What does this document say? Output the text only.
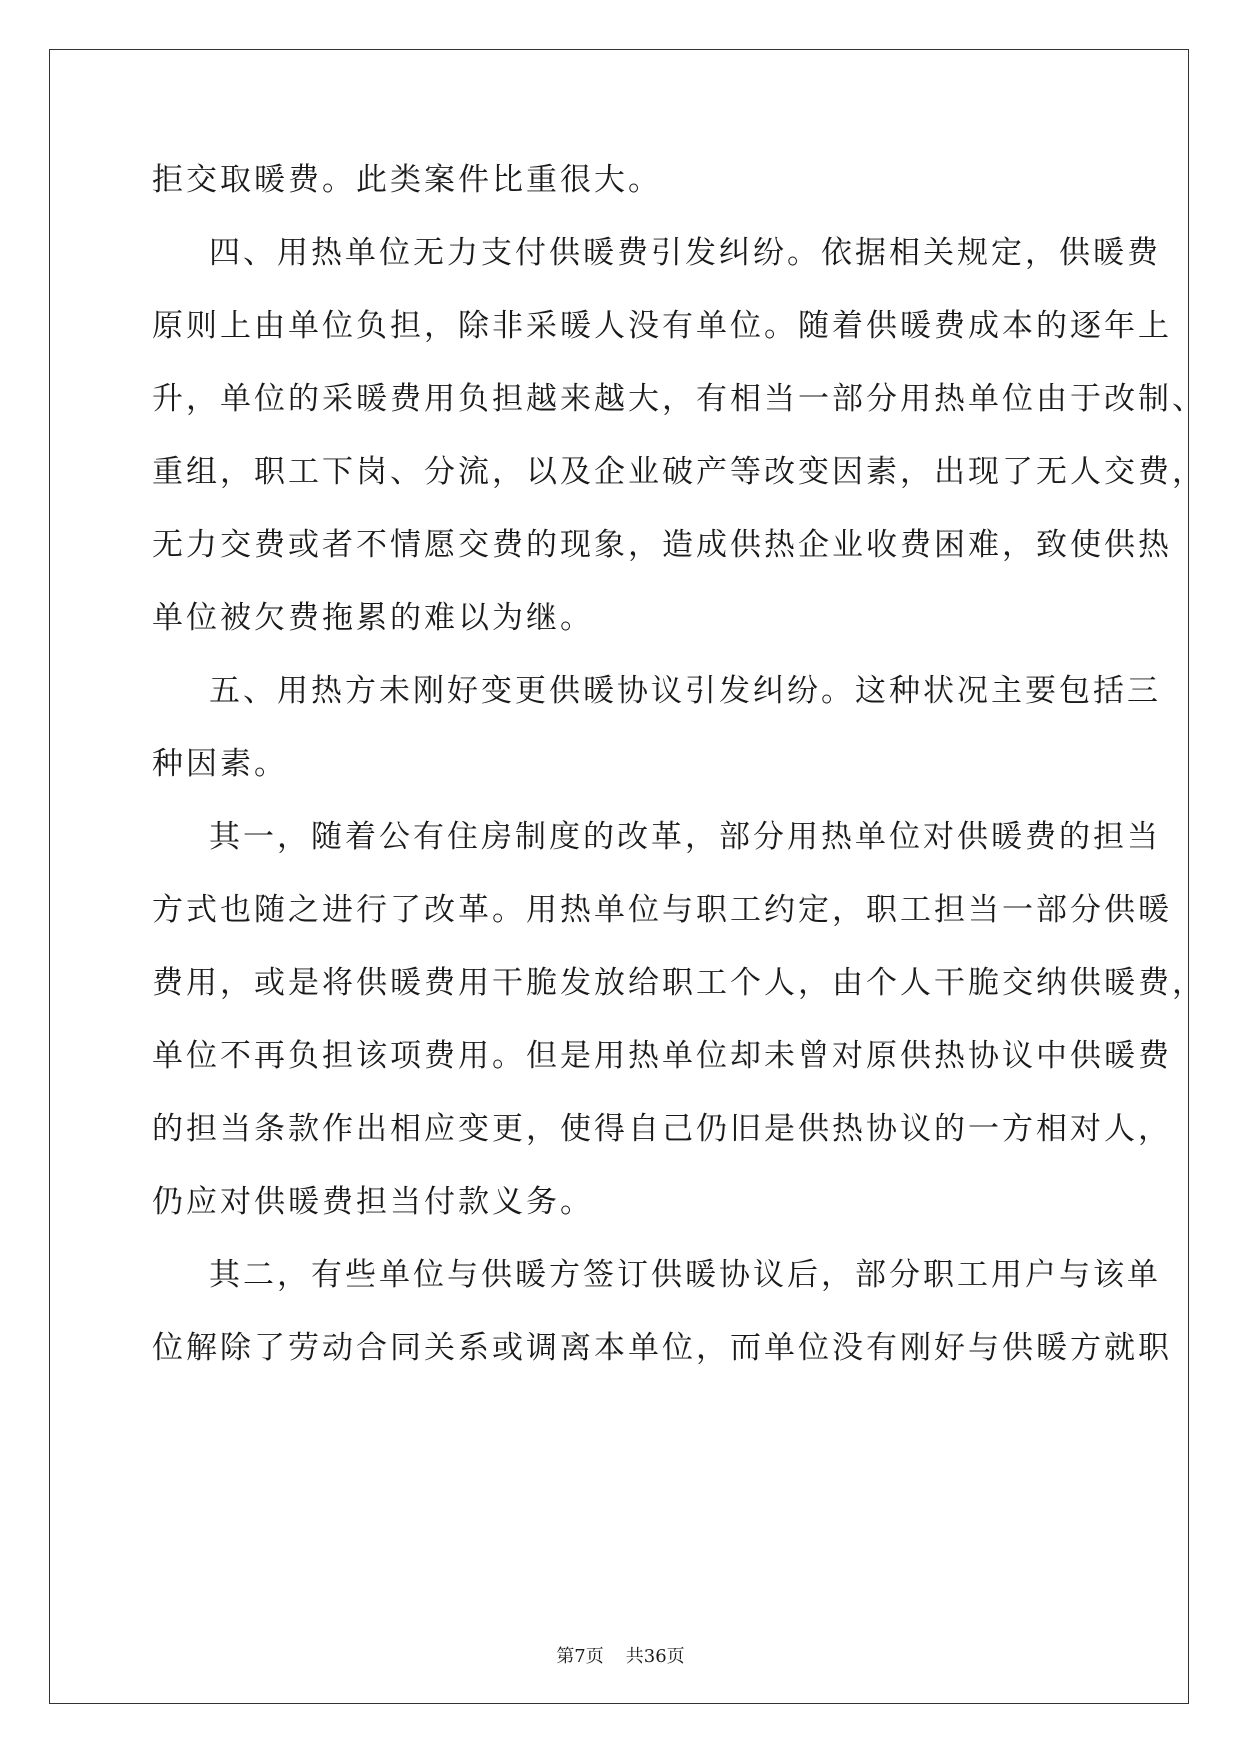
拒交取暖费。此类案件比重很大。
四、用热单位无力支付供暖费引发纠纷。依据相关规定，供暖费
原则上由单位负担，除非采暖人没有单位。随着供暖费成本的逐年上
升，单位的采暖费用负担越来越大，有相当一部分用热单位由于改制、
重组，职工下岗、分流，以及企业破产等改变因素，出现了无人交费，
无力交费或者不情愿交费的现象，造成供热企业收费困难，致使供热
单位被欠费拖累的难以为继。
五、用热方未刚好变更供暖协议引发纠纷。这种状况主要包括三
种因素。
其一，随着公有住房制度的改革，部分用热单位对供暖费的担当
方式也随之进行了改革。用热单位与职工约定，职工担当一部分供暖
费用，或是将供暖费用干脆发放给职工个人，由个人干脆交纳供暖费，
单位不再负担该项费用。但是用热单位却未曾对原供热协议中供暖费
的担当条款作出相应变更，使得自己仍旧是供热协议的一方相对人，
仍应对供暖费担当付款义务。
其二，有些单位与供暖方签订供暖协议后，部分职工用户与该单
位解除了劳动合同关系或调离本单位，而单位没有刚好与供暖方就职
第7页 共36页
